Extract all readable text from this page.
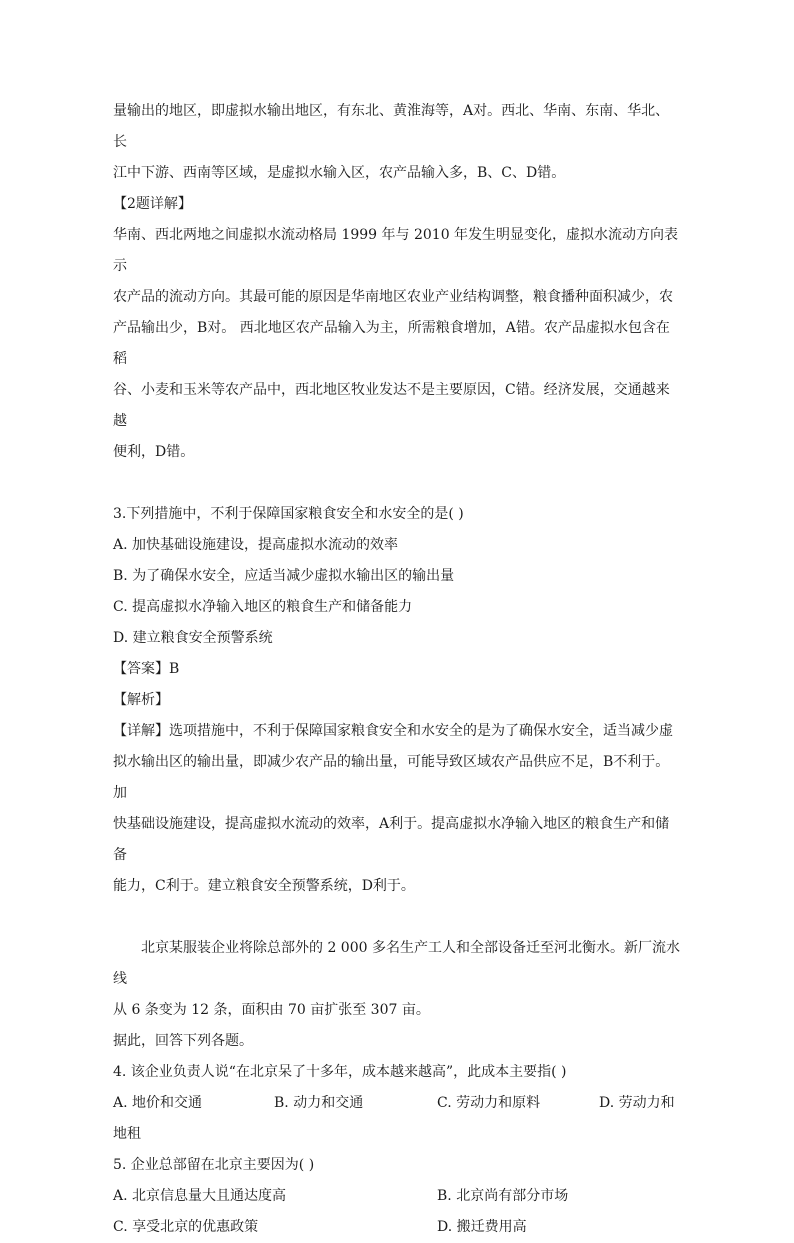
量输出的地区，即虚拟水输出地区，有东北、黄淮海等，A对。西北、华南、东南、华北、长
江中下游、西南等区域，是虚拟水输入区，农产品输入多，B、C、D错。

【2题详解】

华南、西北两地之间虚拟水流动格局 1999 年与 2010 年发生明显变化，虚拟水流动方向表示
农产品的流动方向。其最可能的原因是华南地区农业产业结构调整，粮食播种面积减少，农
产品输出少，B对。 西北地区农产品输入为主，所需粮食增加，A错。农产品虚拟水包含在稻
谷、小麦和玉米等农产品中，西北地区牧业发达不是主要原因，C错。经济发展，交通越来越
便利，D错。

3.下列措施中，不利于保障国家粮食安全和水安全的是( )

A. 加快基础设施建设，提高虚拟水流动的效率

B. 为了确保水安全，应适当减少虚拟水输出区的输出量

C. 提高虚拟水净输入地区的粮食生产和储备能力

D. 建立粮食安全预警系统

【答案】B

【解析】

【详解】选项措施中，不利于保障国家粮食安全和水安全的是为了确保水安全，适当减少虚
拟水输出区的输出量，即减少农产品的输出量，可能导致区域农产品供应不足，B不利于。加
快基础设施建设，提高虚拟水流动的效率，A利于。提高虚拟水净输入地区的粮食生产和储备
能力，C利于。建立粮食安全预警系统，D利于。

北京某服装企业将除总部外的 2 000 多名生产工人和全部设备迁至河北衡水。新厂流水线

从 6 条变为 12 条，面积由 70 亩扩张至 307 亩。

据此，回答下列各题。

4. 该企业负责人说“在北京呆了十多年，成本越来越高”，此成本主要指( )

A. 地价和交通	B. 动力和交通	C. 劳动力和原料	D. 劳动力和

地租

5. 企业总部留在北京主要因为( )

A. 北京信息量大且通达度高	B. 北京尚有部分市场
C. 享受北京的优惠政策	D. 搬迁费用高
